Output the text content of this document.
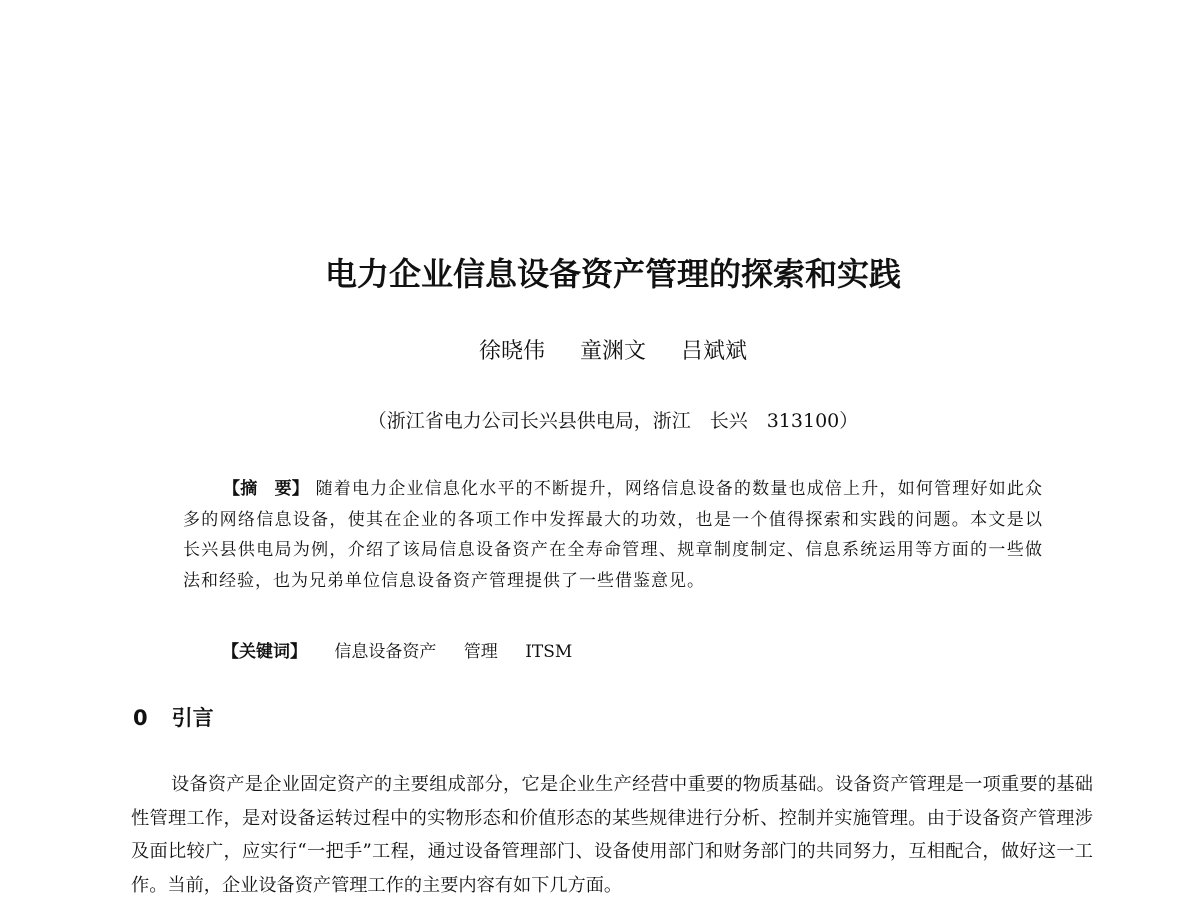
电力企业信息设备资产管理的探索和实践
徐晓伟 童渊文 吕斌斌
（浙江省电力公司长兴县供电局，浙江　长兴　313100）
【摘　要】 随着电力企业信息化水平的不断提升，网络信息设备的数量也成倍上升，如何管理好如此众多的网络信息设备，使其在企业的各项工作中发挥最大的功效，也是一个值得探索和实践的问题。本文是以长兴县供电局为例，介绍了该局信息设备资产在全寿命管理、规章制度制定、信息系统运用等方面的一些做法和经验，也为兄弟单位信息设备资产管理提供了一些借鉴意见。
【关键词】 信息设备资产 管理 ITSM
0 引言
设备资产是企业固定资产的主要组成部分，它是企业生产经营中重要的物质基础。设备资产管理是一项重要的基础性管理工作，是对设备运转过程中的实物形态和价值形态的某些规律进行分析、控制并实施管理。由于设备资产管理涉及面比较广，应实行“一把手”工程，通过设备管理部门、设备使用部门和财务部门的共同努力，互相配合，做好这一工作。当前，企业设备资产管理工作的主要内容有如下几方面。
